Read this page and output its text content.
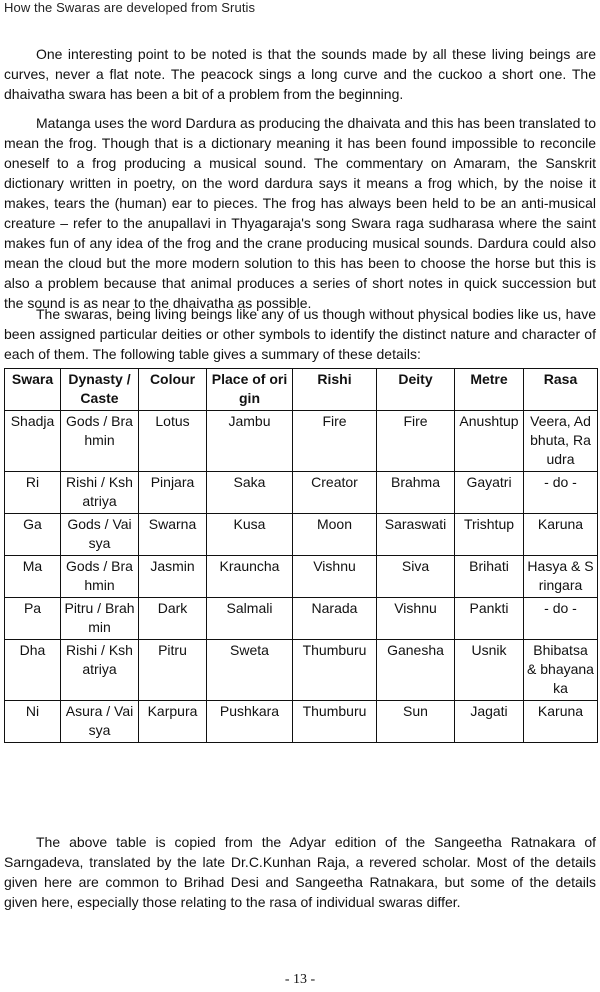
How the Swaras are developed from Srutis

One interesting point to be noted is that the sounds made by all these living beings are curves, never a flat note. The peacock sings a long curve and the cuckoo a short one. The dhaivatha swara has been a bit of a problem from the beginning.

Matanga uses the word Dardura as producing the dhaivata and this has been translated to mean the frog. Though that is a dictionary meaning it has been found impossible to reconcile oneself to a frog producing a musical sound. The commentary on Amaram, the Sanskrit dictionary written in poetry, on the word dardura says it means a frog which, by the noise it makes, tears the (human) ear to pieces. The frog has always been held to be an anti-musical creature – refer to the anupallavi in Thyagaraja's song Swara raga sudharasa where the saint makes fun of any idea of the frog and the crane producing musical sounds. Dardura could also mean the cloud but the more modern solution to this has been to choose the horse but this is also a problem because that animal produces a series of short notes in quick succession but the sound is as near to the dhaivatha as possible.

The swaras, being living beings like any of us though without physical bodies like us, have been assigned particular deities or other symbols to identify the distinct nature and character of each of them. The following table gives a summary of these details:

Swara	Dynasty / Caste	Colour	Place of origin	Rishi	Deity	Metre	Rasa
Shadja	Gods / Brahmin	Lotus	Jambu	Fire	Fire	Anushtup	Veera, Adbhuta, Raudra
Ri	Rishi / Kshatriya	Pinjara	Saka	Creator	Brahma	Gayatri	- do -
Ga	Gods / Vaisya	Swarna	Kusa	Moon	Saraswati	Trishtup	Karuna
Ma	Gods / Brahmin	Jasmin	Krauncha	Vishnu	Siva	Brihati	Hasya & Sringara
Pa	Pitru / Brahmin	Dark	Salmali	Narada	Vishnu	Pankti	- do -
Dha	Rishi / Kshatriya	Pitru	Sweta	Thumburu	Ganesha	Usnik	Bhibatsa & bhayanaka
Ni	Asura / Vaisya	Karpura	Pushkara	Thumburu	Sun	Jagati	Karuna

The above table is copied from the Adyar edition of the Sangeetha Ratnakara of Sarngadeva, translated by the late Dr.C.Kunhan Raja, a revered scholar. Most of the details given here are common to Brihad Desi and Sangeetha Ratnakara, but some of the details given here, especially those relating to the rasa of individual swaras differ.

- 13 -
